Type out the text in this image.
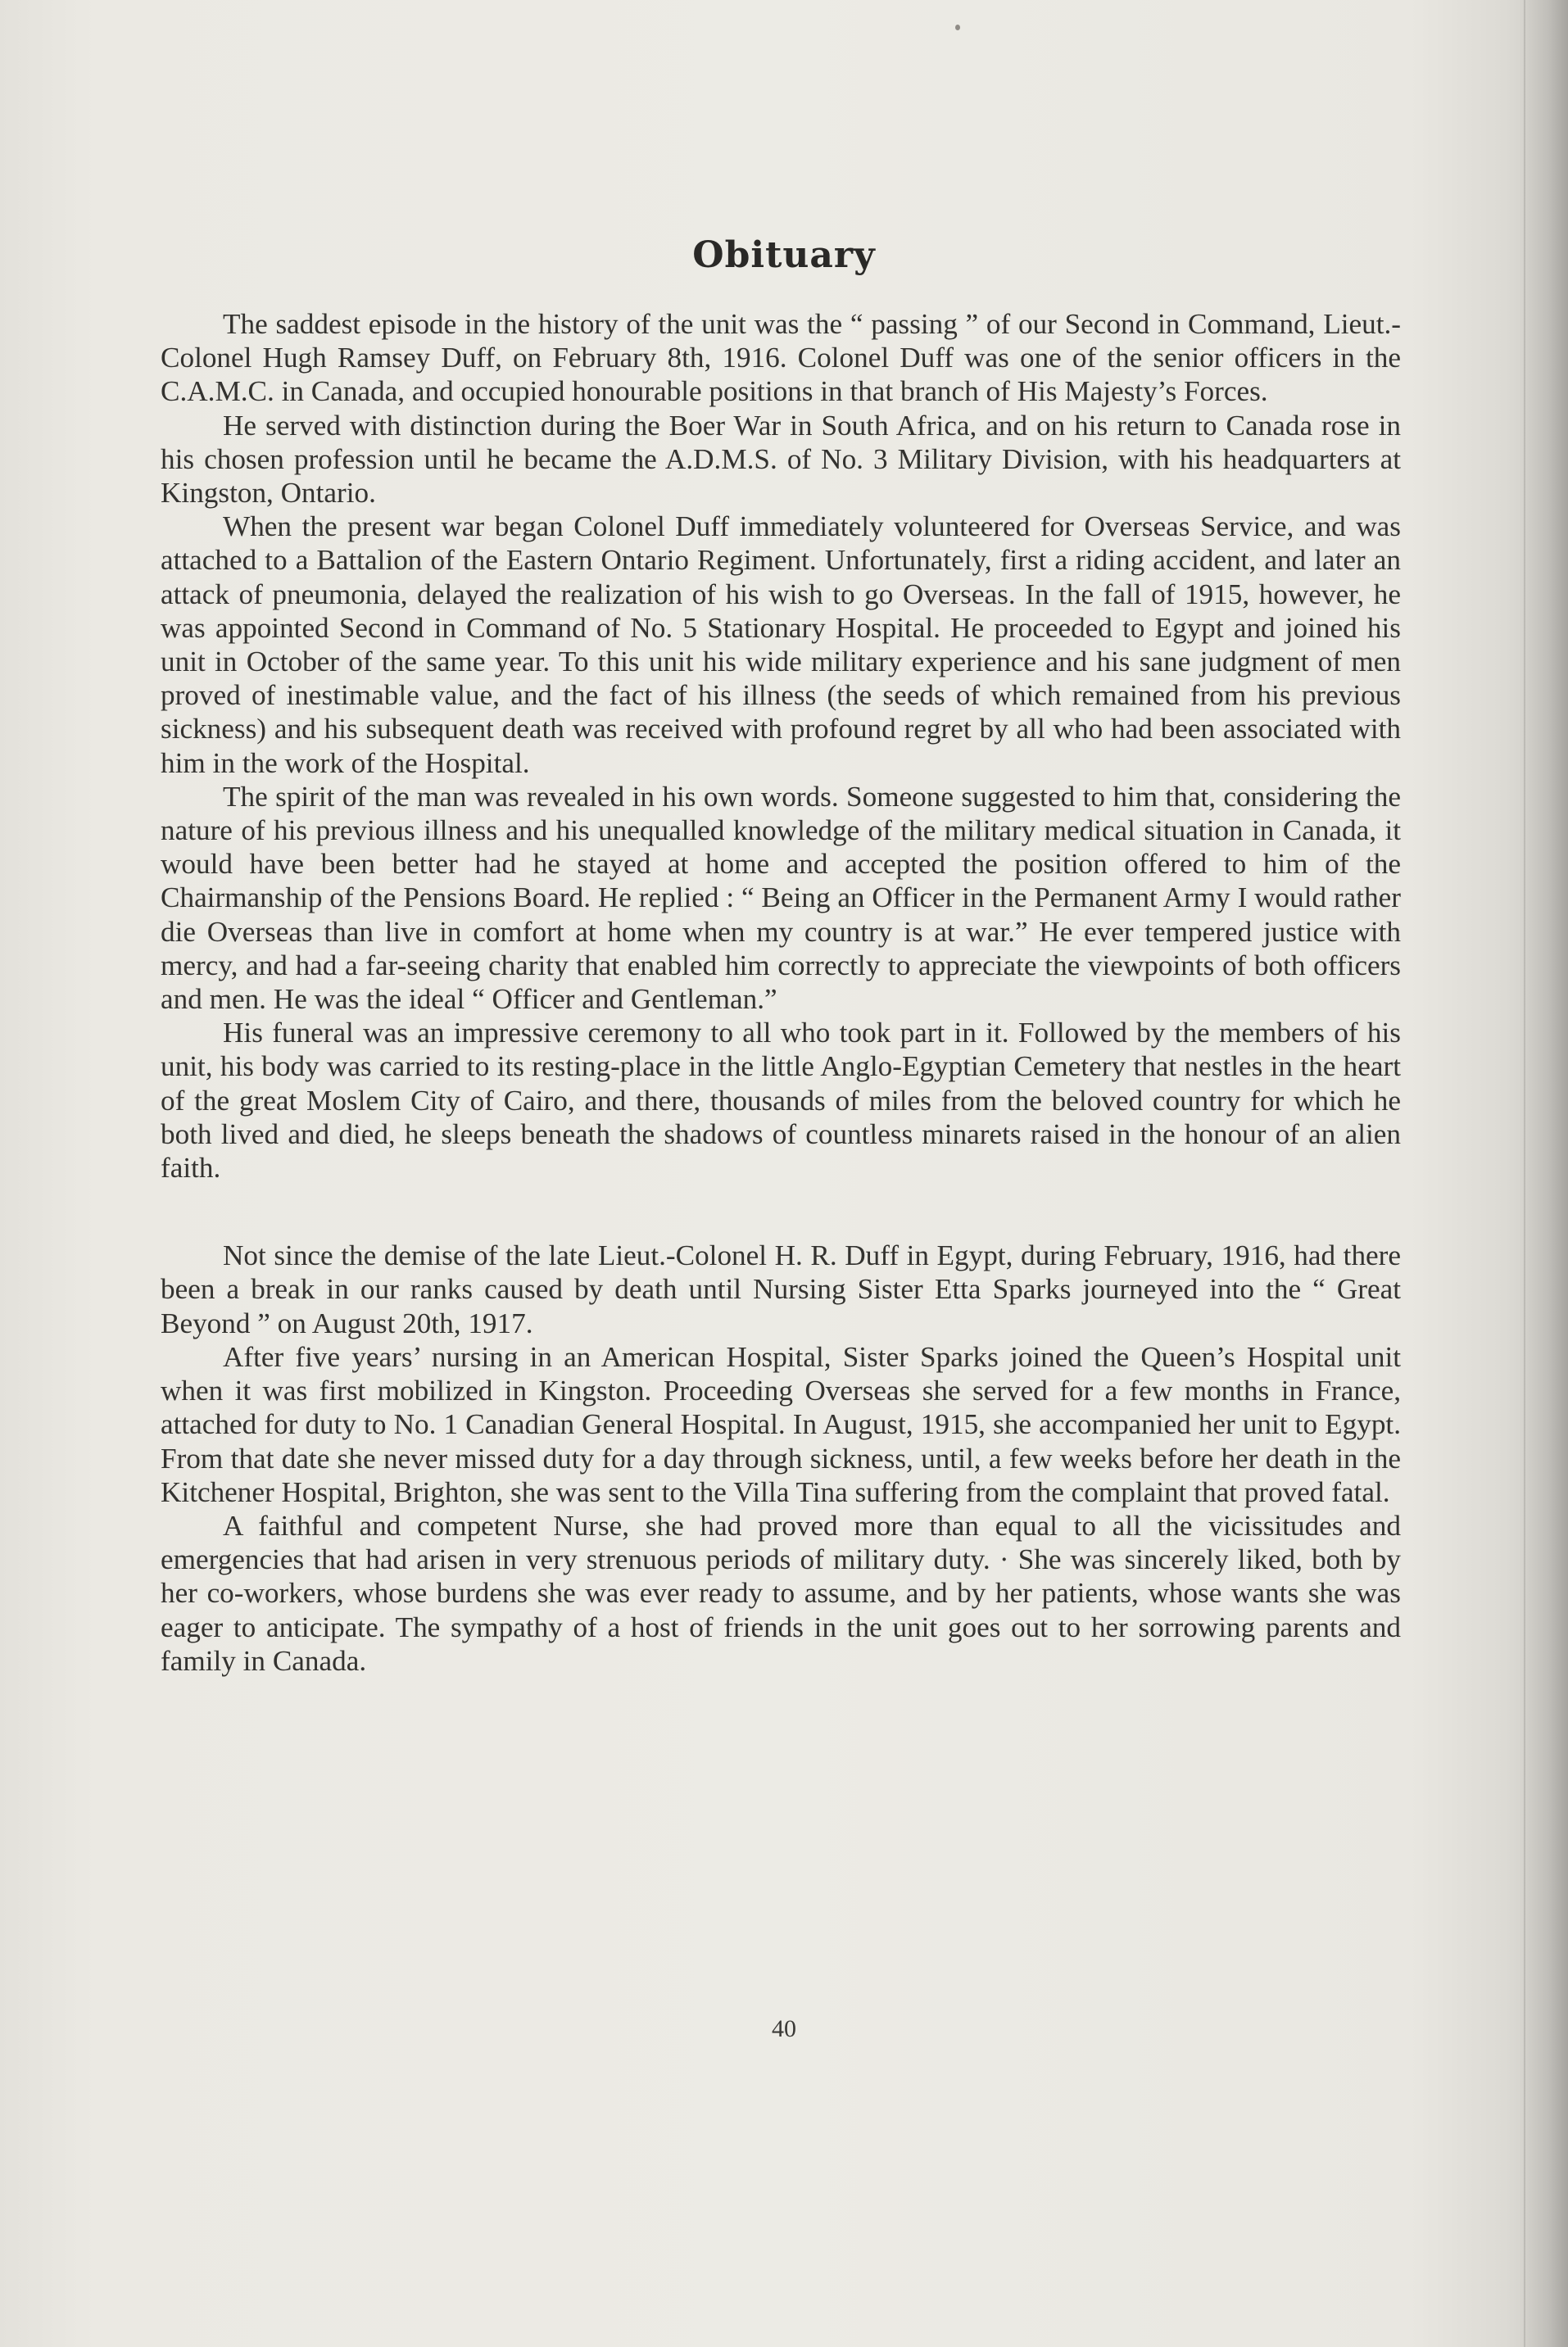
Obituary

The saddest episode in the history of the unit was the “ passing ” of our Second in Command, Lieut.-Colonel Hugh Ramsey Duff, on February 8th, 1916. Colonel Duff was one of the senior officers in the C.A.M.C. in Canada, and occupied honourable positions in that branch of His Majesty’s Forces.

He served with distinction during the Boer War in South Africa, and on his return to Canada rose in his chosen profession until he became the A.D.M.S. of No. 3 Military Division, with his headquarters at Kingston, Ontario.

When the present war began Colonel Duff immediately volunteered for Overseas Service, and was attached to a Battalion of the Eastern Ontario Regiment. Unfortunately, first a riding accident, and later an attack of pneumonia, delayed the realization of his wish to go Overseas. In the fall of 1915, however, he was appointed Second in Command of No. 5 Stationary Hospital. He proceeded to Egypt and joined his unit in October of the same year. To this unit his wide military experience and his sane judgment of men proved of inestimable value, and the fact of his illness (the seeds of which remained from his previous sickness) and his subsequent death was received with profound regret by all who had been associated with him in the work of the Hospital.

The spirit of the man was revealed in his own words. Someone suggested to him that, considering the nature of his previous illness and his unequalled knowledge of the military medical situation in Canada, it would have been better had he stayed at home and accepted the position offered to him of the Chairmanship of the Pensions Board. He replied : “ Being an Officer in the Permanent Army I would rather die Overseas than live in comfort at home when my country is at war.” He ever tempered justice with mercy, and had a far-seeing charity that enabled him correctly to appreciate the viewpoints of both officers and men. He was the ideal “ Officer and Gentleman.”

His funeral was an impressive ceremony to all who took part in it. Followed by the members of his unit, his body was carried to its resting-place in the little Anglo-Egyptian Cemetery that nestles in the heart of the great Moslem City of Cairo, and there, thousands of miles from the beloved country for which he both lived and died, he sleeps beneath the shadows of countless minarets raised in the honour of an alien faith.

Not since the demise of the late Lieut.-Colonel H. R. Duff in Egypt, during February, 1916, had there been a break in our ranks caused by death until Nursing Sister Etta Sparks journeyed into the “ Great Beyond ” on August 20th, 1917.

After five years’ nursing in an American Hospital, Sister Sparks joined the Queen’s Hospital unit when it was first mobilized in Kingston. Proceeding Overseas she served for a few months in France, attached for duty to No. 1 Canadian General Hospital. In August, 1915, she accompanied her unit to Egypt. From that date she never missed duty for a day through sickness, until, a few weeks before her death in the Kitchener Hospital, Brighton, she was sent to the Villa Tina suffering from the complaint that proved fatal.

A faithful and competent Nurse, she had proved more than equal to all the vicissitudes and emergencies that had arisen in very strenuous periods of military duty. · She was sincerely liked, both by her co-workers, whose burdens she was ever ready to assume, and by her patients, whose wants she was eager to anticipate. The sympathy of a host of friends in the unit goes out to her sorrowing parents and family in Canada.

40
